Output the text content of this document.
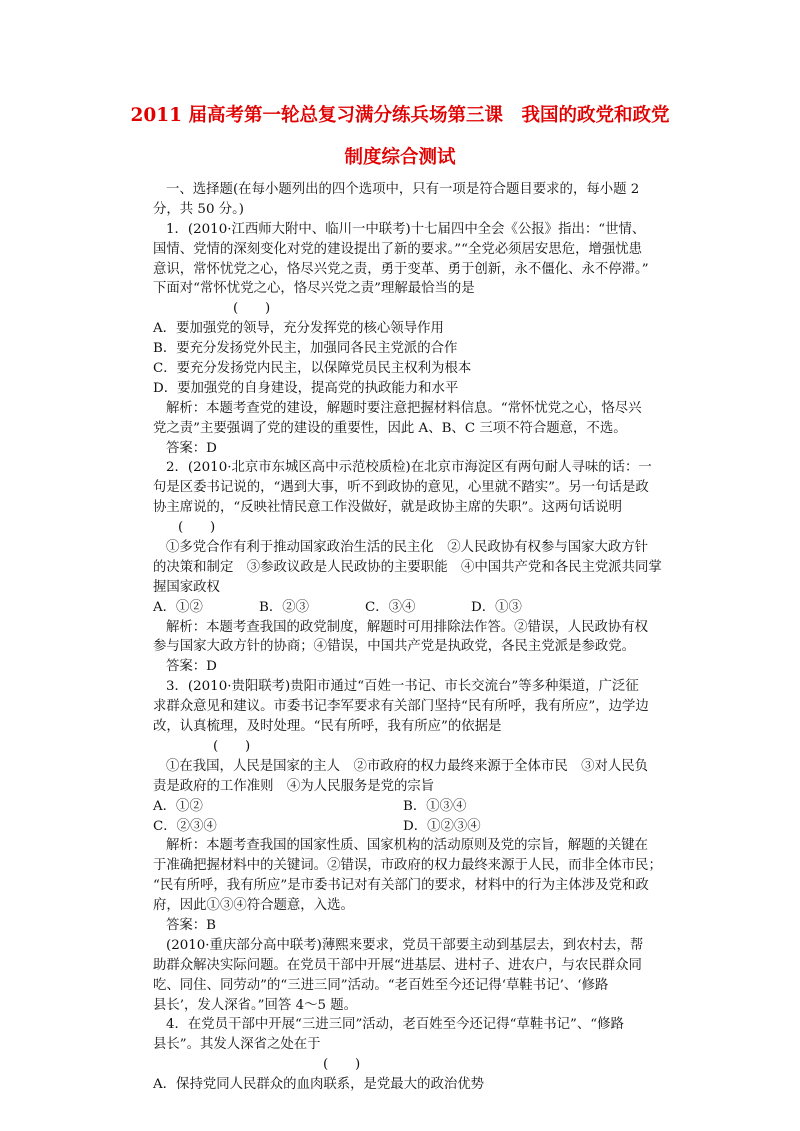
2011 届高考第一轮总复习满分练兵场第三课　我国的政党和政党
制度综合测试

一、选择题(在每小题列出的四个选项中，只有一项是符合题目要求的，每小题 2

分，共 50 分。)

1．(2010·江西师大附中、临川一中联考)十七届四中全会《公报》指出：“世情、

国情、党情的深刻变化对党的建设提出了新的要求。”“全党必须居安思危，增强忧患

意识，常怀忧党之心，恪尽兴党之责，勇于变革、勇于创新，永不僵化、永不停滞。”

下面对“常怀忧党之心，恪尽兴党之责”理解最恰当的是

(　　)

A．要加强党的领导，充分发挥党的核心领导作用

B．要充分发扬党外民主，加强同各民主党派的合作

C．要充分发扬党内民主，以保障党员民主权利为根本

D．要加强党的自身建设，提高党的执政能力和水平

解析：本题考查党的建设，解题时要注意把握材料信息。“常怀忧党之心，恪尽兴

党之责”主要强调了党的建设的重要性，因此 A、B、C 三项不符合题意，不选。

答案：D

2．(2010·北京市东城区高中示范校质检)在北京市海淀区有两句耐人寻味的话：一

句是区委书记说的，“遇到大事，听不到政协的意见，心里就不踏实”。另一句话是政

协主席说的，“反映社情民意工作没做好，就是政协主席的失职”。这两句话说明

(　　)

①多党合作有利于推动国家政治生活的民主化　②人民政协有权参与国家大政方针

的决策和制定　③参政议政是人民政协的主要职能　④中国共产党和各民主党派共同掌

握国家政权

A．①②	B．②③	C．③④	D．①③

解析：本题考查我国的政党制度，解题时可用排除法作答。②错误，人民政协有权

参与国家大政方针的协商；④错误，中国共产党是执政党，各民主党派是参政党。

答案：D

3．(2010·贵阳联考)贵阳市通过“百姓一书记、市长交流台”等多种渠道，广泛征

求群众意见和建议。市委书记李军要求有关部门坚持“民有所呼，我有所应”，边学边

改，认真梳理，及时处理。“民有所呼，我有所应”的依据是

(　　)

①在我国，人民是国家的主人　②市政府的权力最终来源于全体市民　③对人民负

责是政府的工作准则　④为人民服务是党的宗旨

A．①②	B．①③④
C．②③④	D．①②③④

解析：本题考查我国的国家性质、国家机构的活动原则及党的宗旨，解题的关键在

于准确把握材料中的关键词。②错误，市政府的权力最终来源于人民，而非全体市民；

“民有所呼，我有所应”是市委书记对有关部门的要求，材料中的行为主体涉及党和政

府，因此①③④符合题意，入选。

答案：B

(2010·重庆部分高中联考)薄熙来要求，党员干部要主动到基层去，到农村去，帮

助群众解决实际问题。在党员干部中开展“进基层、进村子、进农户，与农民群众同

吃、同住、同劳动”的“三进三同”活动。“老百姓至今还记得‘草鞋书记’、‘修路

县长’，发人深省。”回答 4～5 题。

4．在党员干部中开展“三进三同”活动，老百姓至今还记得“草鞋书记”、“修路

县长”。其发人深省之处在于

(　　)

A．保持党同人民群众的血肉联系，是党最大的政治优势
